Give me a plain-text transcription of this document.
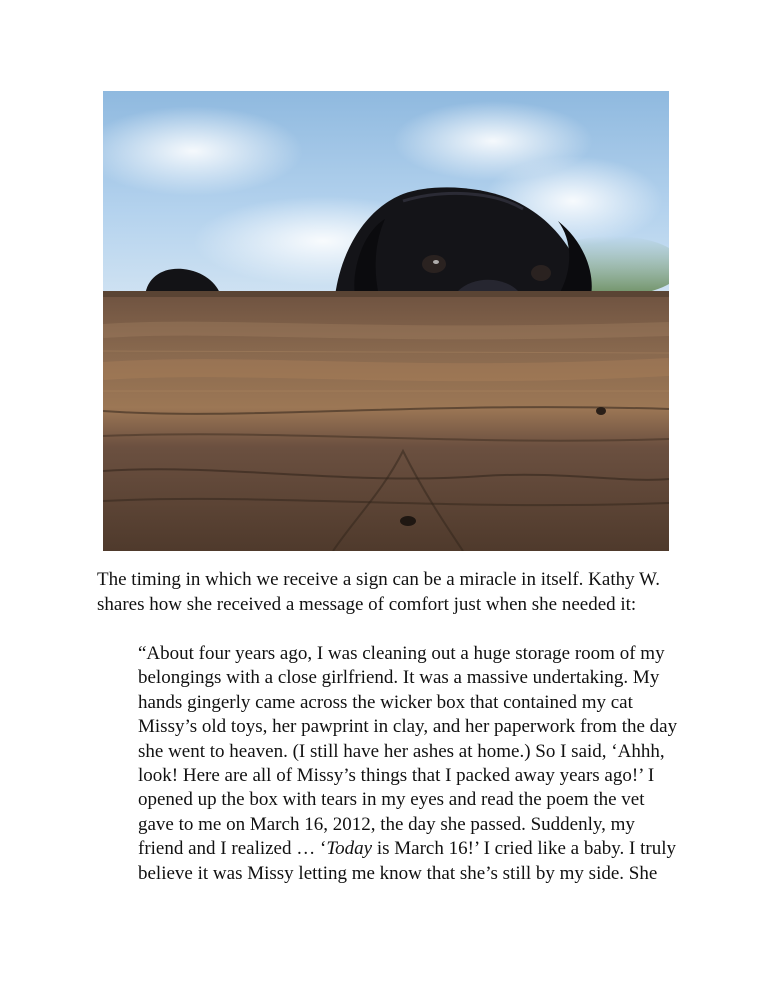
The timing in which we receive a sign can be a miracle in itself. Kathy W.
shares how she received a message of comfort just when she needed it:

“About four years ago, I was cleaning out a huge storage room of my
belongings with a close girlfriend. It was a massive undertaking. My
hands gingerly came across the wicker box that contained my cat
Missy’s old toys, her pawprint in clay, and her paperwork from the day
she went to heaven. (I still have her ashes at home.) So I said, ‘Ahhh,
look! Here are all of Missy’s things that I packed away years ago!’ I
opened up the box with tears in my eyes and read the poem the vet
gave to me on March 16, 2012, the day she passed. Suddenly, my
friend and I realized … ‘Today is March 16!’ I cried like a baby. I truly
believe it was Missy letting me know that she’s still by my side. She
